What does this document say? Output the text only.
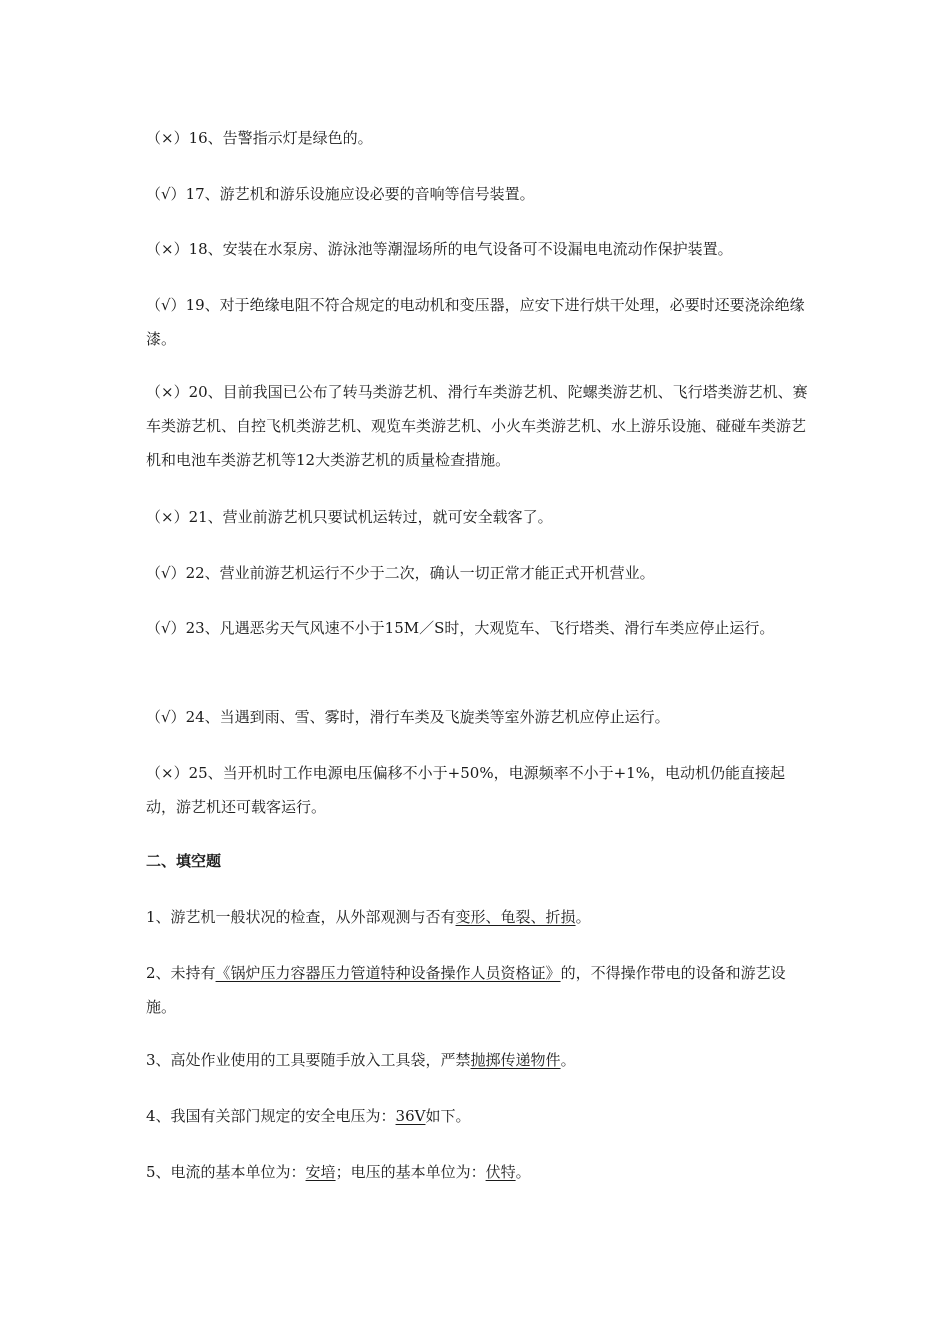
（×）16、告警指示灯是绿色的。

（√）17、游艺机和游乐设施应设必要的音响等信号装置。

（×）18、安装在水泵房、游泳池等潮湿场所的电气设备可不设漏电电流动作保护装置。

（√）19、对于绝缘电阻不符合规定的电动机和变压器，应安下进行烘干处理，必要时还要浇涂绝缘漆。

（×）20、目前我国已公布了转马类游艺机、滑行车类游艺机、陀螺类游艺机、飞行塔类游艺机、赛车类游艺机、自控飞机类游艺机、观览车类游艺机、小火车类游艺机、水上游乐设施、碰碰车类游艺机和电池车类游艺机等12大类游艺机的质量检查措施。

（×）21、营业前游艺机只要试机运转过，就可安全载客了。

（√）22、营业前游艺机运行不少于二次，确认一切正常才能正式开机营业。

（√）23、凡遇恶劣天气风速不小于15M／S时，大观览车、飞行塔类、滑行车类应停止运行。

（√）24、当遇到雨、雪、雾时，滑行车类及飞旋类等室外游艺机应停止运行。

（×）25、当开机时工作电源电压偏移不小于+50%，电源频率不小于+1%，电动机仍能直接起动，游艺机还可载客运行。

二、填空题

1、游艺机一般状况的检查，从外部观测与否有变形、龟裂、折损。

2、未持有《锅炉压力容器压力管道特种设备操作人员资格证》的，不得操作带电的设备和游艺设施。

3、高处作业使用的工具要随手放入工具袋，严禁抛掷传递物件。

4、我国有关部门规定的安全电压为：36V如下。

5、电流的基本单位为：安培；电压的基本单位为：伏特。
